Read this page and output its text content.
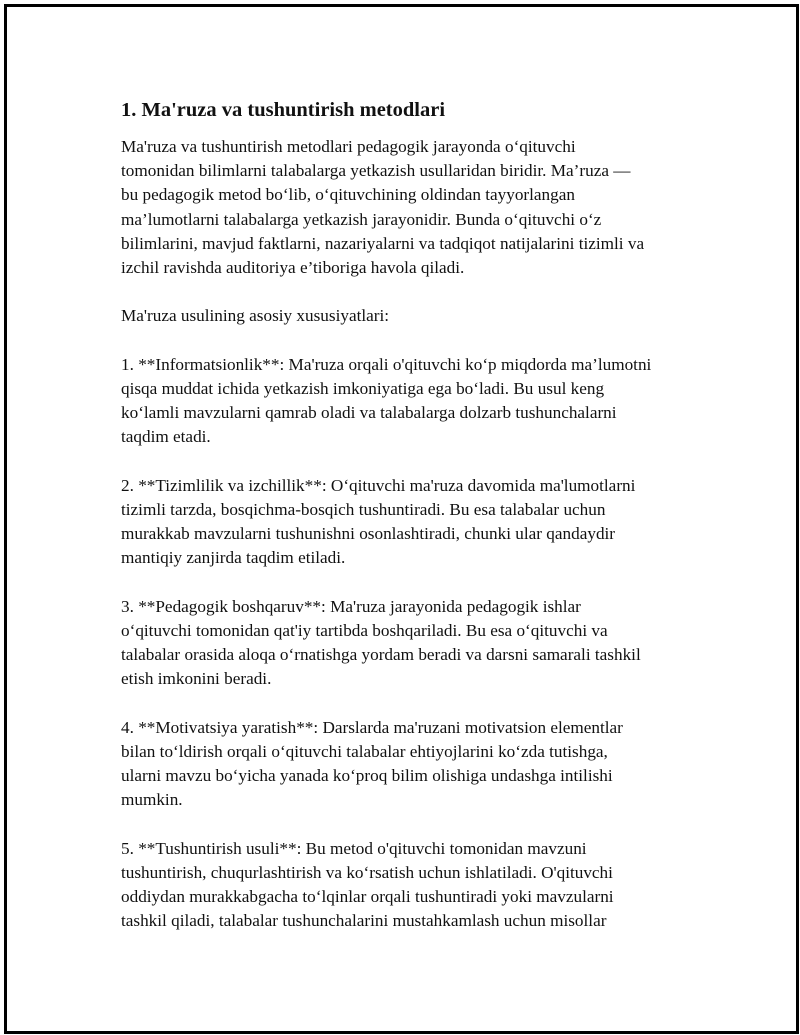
1. Ma'ruza va tushuntirish metodlari

Ma'ruza va tushuntirish metodlari pedagogik jarayonda o‘qituvchi
tomonidan bilimlarni talabalarga yetkazish usullaridan biridir. Ma’ruza —
bu pedagogik metod bo‘lib, o‘qituvchining oldindan tayyorlangan
ma’lumotlarni talabalarga yetkazish jarayonidir. Bunda o‘qituvchi o‘z
bilimlarini, mavjud faktlarni, nazariyalarni va tadqiqot natijalarini tizimli va
izchil ravishda auditoriya e’tiboriga havola qiladi.

Ma'ruza usulining asosiy xususiyatlari:

1. **Informatsionlik**: Ma'ruza orqali o'qituvchi ko‘p miqdorda ma’lumotni
qisqa muddat ichida yetkazish imkoniyatiga ega bo‘ladi. Bu usul keng
ko‘lamli mavzularni qamrab oladi va talabalarga dolzarb tushunchalarni
taqdim etadi.

2. **Tizimlilik va izchillik**: O‘qituvchi ma'ruza davomida ma'lumotlarni
tizimli tarzda, bosqichma-bosqich tushuntiradi. Bu esa talabalar uchun
murakkab mavzularni tushunishni osonlashtiradi, chunki ular qandaydir
mantiqiy zanjirda taqdim etiladi.

3. **Pedagogik boshqaruv**: Ma'ruza jarayonida pedagogik ishlar
o‘qituvchi tomonidan qat'iy tartibda boshqariladi. Bu esa o‘qituvchi va
talabalar orasida aloqa o‘rnatishga yordam beradi va darsni samarali tashkil
etish imkonini beradi.

4. **Motivatsiya yaratish**: Darslarda ma'ruzani motivatsion elementlar
bilan to‘ldirish orqali o‘qituvchi talabalar ehtiyojlarini ko‘zda tutishga,
ularni mavzu bo‘yicha yanada ko‘proq bilim olishiga undashga intilishi
mumkin.

5. **Tushuntirish usuli**: Bu metod o'qituvchi tomonidan mavzuni
tushuntirish, chuqurlashtirish va ko‘rsatish uchun ishlatiladi. O'qituvchi
oddiydan murakkabgacha to‘lqinlar orqali tushuntiradi yoki mavzularni
tashkil qiladi, talabalar tushunchalarini mustahkamlash uchun misollar
